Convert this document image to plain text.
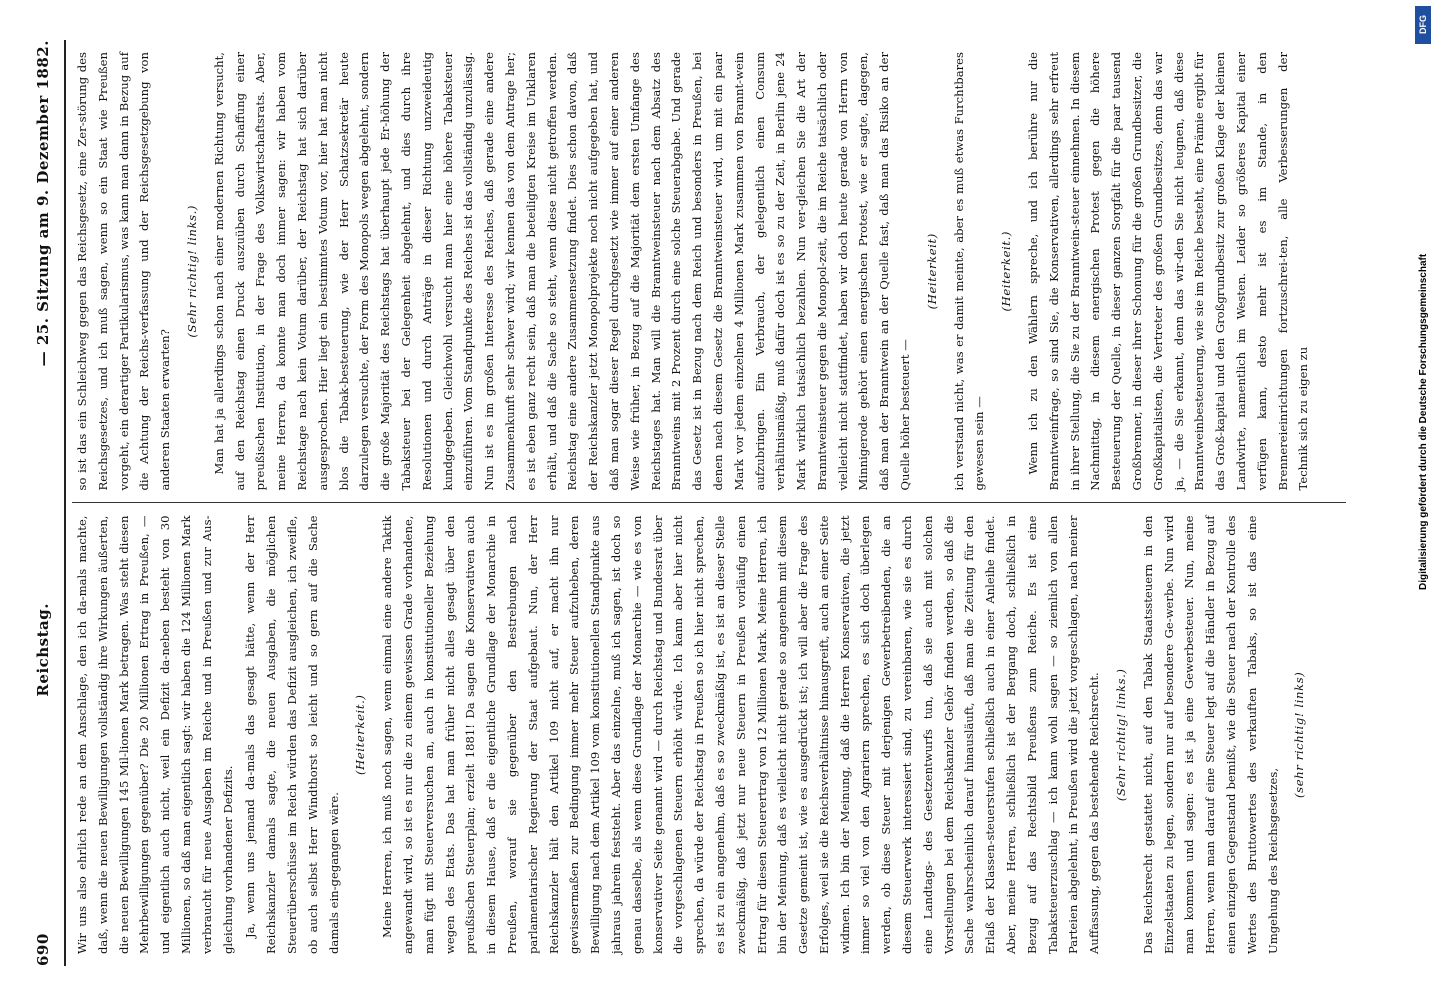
690
Reichstag.
— 25. Sitzung am 9. Dezember 1882.

Wir uns also ehrlich rede an dem Anschlage, den ich da-mals machte, daß, wenn die neuen Bewilligungen vollständig ihre Wirkungen äußerten, die neuen Bewilligungen 145 Mil-lionen Mark betragen. Was steht diesen Mehrbewilligungen gegenüber? Die 20 Millionen Ertrag in Preußen, — und eigentlich auch nicht, weil ein Defizit da-neben besteht von 30 Millionen, so daß man eigentlich sagt: wir haben die 124 Millionen Mark verbraucht für neue Ausgaben im Reiche und in Preußen und zur Aus-gleichung vorhandener Defizits. Ja, wenn uns jemand da-mals das gesagt hätte, wenn der Herr Reichskanzler damals sagte, die neuen Ausgaben, die möglichen Steuerüberschüsse im Reich würden das Defizit ausgleichen, ich zweifle, ob auch selbst Herr Windthorst so leicht und so gern auf die Sache damals ein-gegangen wäre.

(Heiterkeit.)	Meine Herren, ich muß noch sagen, wenn einmal eine andere Taktik angewandt wird, so ist es nur die zu einem gewissen Grade vorhandene, man fügt mit Steuerversuchen an, auch in konstitutioneller Beziehung wegen des Etats. Das hat man früher nicht alles gesagt über den preußischen Steuerplan; erzielt 1881! Da sagen die Konservativen auch in diesem Hause, daß er die eigentliche Grundlage der Monarchie in Preußen, worauf sie gegenüber den Bestrebungen nach parlamentarischer Regierung der Staat aufgebaut. Nun, der Herr Reichskanzler hält den Artikel 109 nicht auf, er macht ihn nur gewissermaßen zur Bedingung immer mehr Steuer aufzuheben, deren Bewilligung nach dem Artikel 109 vom konstitutionellen Standpunkte aus jahraus jahrein feststeht. Aber das einzelne, muß ich sagen, ist doch so genau dasselbe, als wenn diese Grundlage der Monarchie — wie es von konservativer Seite genannt wird — durch Reichstag und Bundesrat über die vorgeschlagenen Steuern erhöht würde. Ich kann aber hier nicht sprechen, da würde der Reichstag in Preußen so ich hier nicht sprechen, es ist zu ein angenehm, daß es so zweckmäßig ist, es ist an dieser Stelle zweckmäßig, daß jetzt nur neue Steuern in Preußen vorläufig einen Ertrag für diesen Steuerertrag von 12 Millionen Mark. Meine Herren, ich bin der Meinung, daß es vielleicht nicht gerade so angenehm mit diesem Gesetze gemeint ist, wie es ausgedrückt ist; ich will aber die Frage des Erfolges, weil sie die Reichsverhältnisse hinausgreift, auch an einer Seite widmen. Ich bin der Meinung, daß die Herren Konservativen, die jetzt immer so viel von den Agrariern sprechen, es sich doch überlegen werden, ob diese Steuer mit derjenigen Gewerbetreibenden, die an diesem Steuerwerk interessiert sind, zu vereinbaren, wie sie es durch eine Landtags- des Gesetzentwurfs tun, daß sie auch mit solchen Vorstellungen bei dem Reichskanzler Gehör finden werden, so daß die Sache wahrscheinlich darauf hinausläuft, daß man die Zeitung für den Erlaß der Klassen-steuerstufen schließlich auch in einer Anleihe findet. Aber, meine Herren, schließlich ist der Bergang doch, schließlich in Bezug auf das Rechtsbild Preußens zum Reiche. Es ist eine Tabaksteuerzuschlag — ich kann wohl sagen — so ziemlich von allen Parteien abgelehnt, in Preußen wird die jetzt vorgeschlagen, nach meiner Auffassung, gegen das bestehende Reichsrecht.	(Sehr richtig! links.)	Das Reichsrecht gestattet nicht, auf den Tabak Staatssteuern in den Einzelstaaten zu legen, sondern nur auf besondere Ge-werbe. Nun wird man kommen und sagen: es ist ja eine Gewerbesteuer. Nun, meine Herren, wenn man darauf eine Steuer legt auf die Händler in Bezug auf einen einzigen Gegenstand bemißt, wie die Steuer nach der Kontrolle des Wertes des Bruttowertes des verkauften Tabaks, so ist das eine Umgehung des Reichsgesetzes,

(sehr richtig! links)

so ist das ein Schleichweg gegen das Reichsgesetz, eine Zer-störung des Reichsgesetzes, und ich muß sagen, wenn so ein Staat wie Preußen vorgeht, ein derartiger Partikularismus, was kann man dann in Bezug auf die Achtung der Reichs-verfassung und der Reichsgesetzgebung von anderen Staaten erwarten?

(Sehr richtig! links.)	Man hat ja allerdings schon nach einer modernen Richtung versucht, auf den Reichstag einen Druck auszuüben durch Schaffung einer preußischen Institution, in der Frage des Volkswirtschaftsrats. Aber, meine Herren, da konnte man doch immer sagen: wir haben vom Reichstage nach kein Votum darüber, der Reichstag hat sich darüber ausgesprochen. Hier liegt ein bestimmtes Votum vor, hier hat man nicht blos die Tabak-besteuerung, wie der Herr Schatzsekretär heute darzulegen versuchte, der Form des Monopols wegen abgelehnt, sondern die große Majorität des Reichstags hat überhaupt jede Er-höhung der Tabaksteuer bei der Gelegenheit abgelehnt, und dies durch ihre Resolutionen und durch Anträge in dieser Richtung unzweideutig kundgegeben. Gleichwohl versucht man hier eine höhere Tabaksteuer einzuführen. Vom Standpunkte des Reiches ist das vollständig unzulässig. Nun ist es im großen Interesse des Reiches, daß gerade eine andere Zusammenkunft sehr schwer wird; wir kennen das von dem Antrage her; es ist eben ganz recht sein, daß man die beteiligten Kreise im Unklaren erhält, und daß die Sache so steht, wenn diese nicht getroffen werden. Reichstag eine andere Zusammensetzung findet. Dies schon davon, daß der Reichskanzler jetzt Monopolprojekte noch nicht aufgegeben hat, und daß man sogar dieser Regel durchgesetzt wie immer auf einer anderen Weise wie früher, in Bezug auf die Majorität dem ersten Umfange des Reichstages hat. Man will die Branntweinsteuer nach dem Absatz des Branntweins mit 2 Prozent durch eine solche Steuerabgabe. Und gerade das Gesetz ist in Bezug nach dem Reich und besonders in Preußen, bei denen nach diesem Gesetz die Branntweinsteuer wird, um mit ein paar Mark vor jedem einzelnen 4 Millionen Mark zusammen von Brannt-wein aufzubringen. Ein Verbrauch, der gelegentlich einen Consum verhältnismäßig, muß dafür doch ist es so zu der Zeit, in Berlin jene 24 Mark wirklich tatsächlich bezahlen. Nun ver-gleichen Sie die Art der Branntweinsteuer gegen die Monopol-zeit, die im Reiche tatsächlich oder vielleicht nicht stattfindet, haben wir doch heute gerade von Herrn von Minnigerode gehört einen energischen Protest, wie er sagte, dagegen, daß man der Branntwein an der Quelle fast, daß man das Risiko an der Quelle höher besteuert —

(Heiterkeit)	ich verstand nicht, was er damit meinte, aber es muß etwas Furchtbares gewesen sein —

(Heiterkeit.)	Wenn ich zu den Wählern spreche, und ich berühre nur die Branntweinfrage, so sind Sie, die Konservativen, allerdings sehr erfreut in ihrer Stellung, die Sie zu der Branntwein-steuer einnehmen. In diesem Nachmittag, in diesem energischen Protest gegen die höhere Besteuerung der Quelle, in dieser ganzen Sorgfalt für die paar tausend Großbrenner, in dieser ihrer Schonung für die großen Grundbesitzer, die Großkapitalisten, die Vertreter des großen Grundbesitzes, denn das war ja, — die Sie erkannt, denn das wir-den Sie nicht leugnen, daß diese Branntweinbesteuerung, wie sie im Reiche besteht, eine Prämie ergibt für das Groß-kapital und den Großgrundbesitz zur großen Klage der kleinen Landwirte, namentlich im Westen. Leider so größeres Kapital einer verfügen kann, desto mehr ist es im Stande, in den Brennereieinrichtungen fortzuschrei-ten, alle Verbesserungen der Technik sich zu eigen zu

DFG
Digitalisierung gefördert durch die Deutsche Forschungsgemeinschaft
